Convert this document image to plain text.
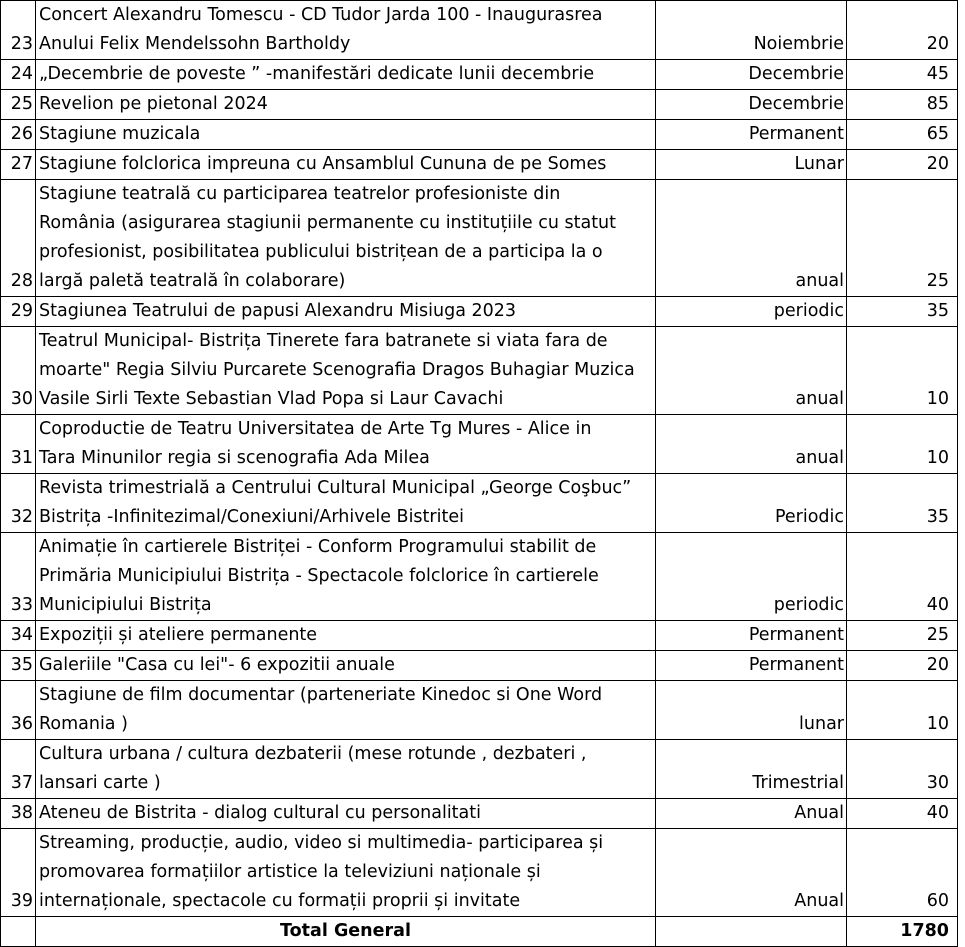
23	Concert Alexandru Tomescu - CD Tudor Jarda 100 - Inaugurasrea
Anului Felix Mendelssohn Bartholdy	Noiembrie	20
24	„Decembrie de poveste ” -manifestări dedicate lunii decembrie	Decembrie	45
25	Revelion pe pietonal 2024	Decembrie	85
26	Stagiune muzicala	Permanent	65
27	Stagiune folclorica impreuna cu Ansamblul Cununa de pe Somes	Lunar	20
28	Stagiune teatrală cu participarea teatrelor profesioniste din
România (asigurarea stagiunii permanente cu instituțiile cu statut
profesionist, posibilitatea publicului bistrițean de a participa la o
largă paletă teatrală în colaborare)	anual	25
29	Stagiunea Teatrului de papusi Alexandru Misiuga 2023	periodic	35
30	Teatrul Municipal- Bistrița Tinerete fara batranete si viata fara de
moarte" Regia Silviu Purcarete Scenografia Dragos Buhagiar Muzica
Vasile Sirli Texte Sebastian Vlad Popa si Laur Cavachi	anual	10
31	Coproductie de Teatru Universitatea de Arte Tg Mures - Alice in
Tara Minunilor regia si scenografia Ada Milea	anual	10
32	Revista trimestrială a Centrului Cultural Municipal „George Coşbuc”
Bistrița -Infinitezimal/Conexiuni/Arhivele Bistritei	Periodic	35
33	Animație în cartierele Bistriței - Conform Programului stabilit de
Primăria Municipiului Bistrița - Spectacole folclorice în cartierele
Municipiului Bistrița	periodic	40
34	Expoziții și ateliere permanente	Permanent	25
35	Galeriile "Casa cu lei"- 6 expozitii anuale	Permanent	20
36	Stagiune de film documentar (parteneriate Kinedoc si One Word
Romania )	lunar	10
37	Cultura urbana / cultura dezbaterii (mese rotunde , dezbateri ,
lansari carte )	Trimestrial	30
38	Ateneu de Bistrita - dialog cultural cu personalitati	Anual	40
39	Streaming, producție, audio, video si multimedia- participarea și
promovarea formațiilor artistice la televiziuni naționale și
internaționale, spectacole cu formații proprii și invitate	Anual	60
	Total General		1780
